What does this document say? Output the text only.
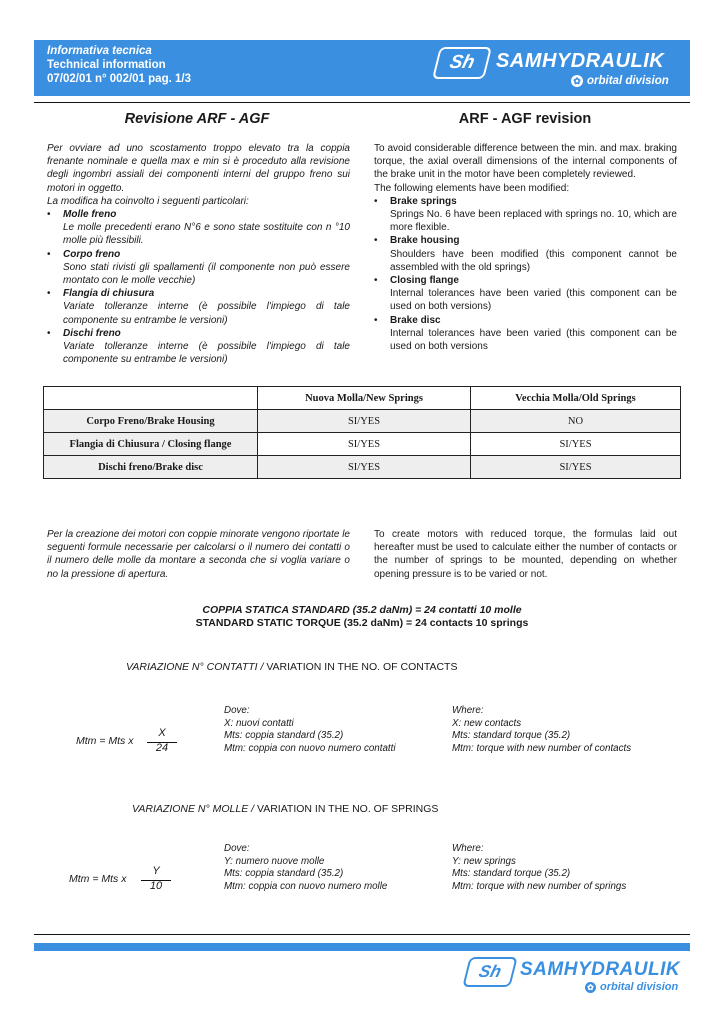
Informativa tecnica
Technical information
07/02/01 n° 002/01 pag. 1/3
Sh SAMHYDRAULIK
✿ orbital division
Revisione ARF - AGF	ARF - AGF revision

Per ovviare ad uno scostamento troppo elevato tra la coppia frenante nominale e quella max e min si è proceduto alla revisione degli ingombri assiali dei componenti interni del gruppo freno sui motori in oggetto.

La modifica ha coinvolto i seguenti particolari:

• Molle freno
Le molle precedenti erano N°6 e sono state sostituite con n °10 molle più flessibili.
• Corpo freno
Sono stati rivisti gli spallamenti (il componente non può essere montato con le molle vecchie)
• Flangia di chiusura
Variate tolleranze interne (è possibile l'impiego di tale componente su entrambe le versioni)
• Dischi freno
Variate tolleranze interne (è possibile l'impiego di tale componente su entrambe le versioni)

To avoid considerable difference between the min. and max. braking torque, the axial overall dimensions of the internal components of the brake unit in the motor have been completely reviewed.

The following elements have been modified:

• Brake springs
Springs No. 6 have been replaced with springs no. 10, which are more flexible.
• Brake housing
Shoulders have been modified (this component cannot be assembled with the old springs)
• Closing flange
Internal tolerances have been varied (this component can be used on both versions)
• Brake disc
Internal tolerances have been varied (this component can be used on both versions
	Nuova Molla/New Springs	Vecchia Molla/Old Springs
Corpo Freno/Brake Housing	SI/YES	NO
Flangia di Chiusura / Closing flange	SI/YES	SI/YES
Dischi freno/Brake disc	SI/YES	SI/YES
Per la creazione dei motori con coppie minorate vengono riportate le seguenti formule necessarie per calcolarsi o il numero dei contatti o il numero delle molle da montare a seconda che si voglia variare o no la pressione di apertura.
To create motors with reduced torque, the formulas laid out hereafter must be used to calculate either the number of contacts or the number of springs to be mounted, depending on whether opening pressure is to be varied or not.
COPPIA STATICA STANDARD (35.2 daNm) = 24 contatti 10 molle
STANDARD STATIC TORQUE (35.2 daNm) = 24 contacts 10 springs
VARIAZIONE N° CONTATTI / VARIATION IN THE NO. OF CONTACTS
Mtm = Mts x
X
24
Dove:
X: nuovi contatti
Mts: coppia standard (35.2)
Mtm: coppia con nuovo numero contatti
Where:
X: new contacts
Mts: standard torque (35.2)
Mtm: torque with new number of contacts
VARIAZIONE N° MOLLE / VARIATION IN THE NO. OF SPRINGS
Mtm = Mts x
Y
10
Dove:
Y: numero nuove molle
Mts: coppia standard (35.2)
Mtm: coppia con nuovo numero molle
Where:
Y: new springs
Mts: standard torque (35.2)
Mtm: torque with new number of springs
Sh SAMHYDRAULIK
✿ orbital division
